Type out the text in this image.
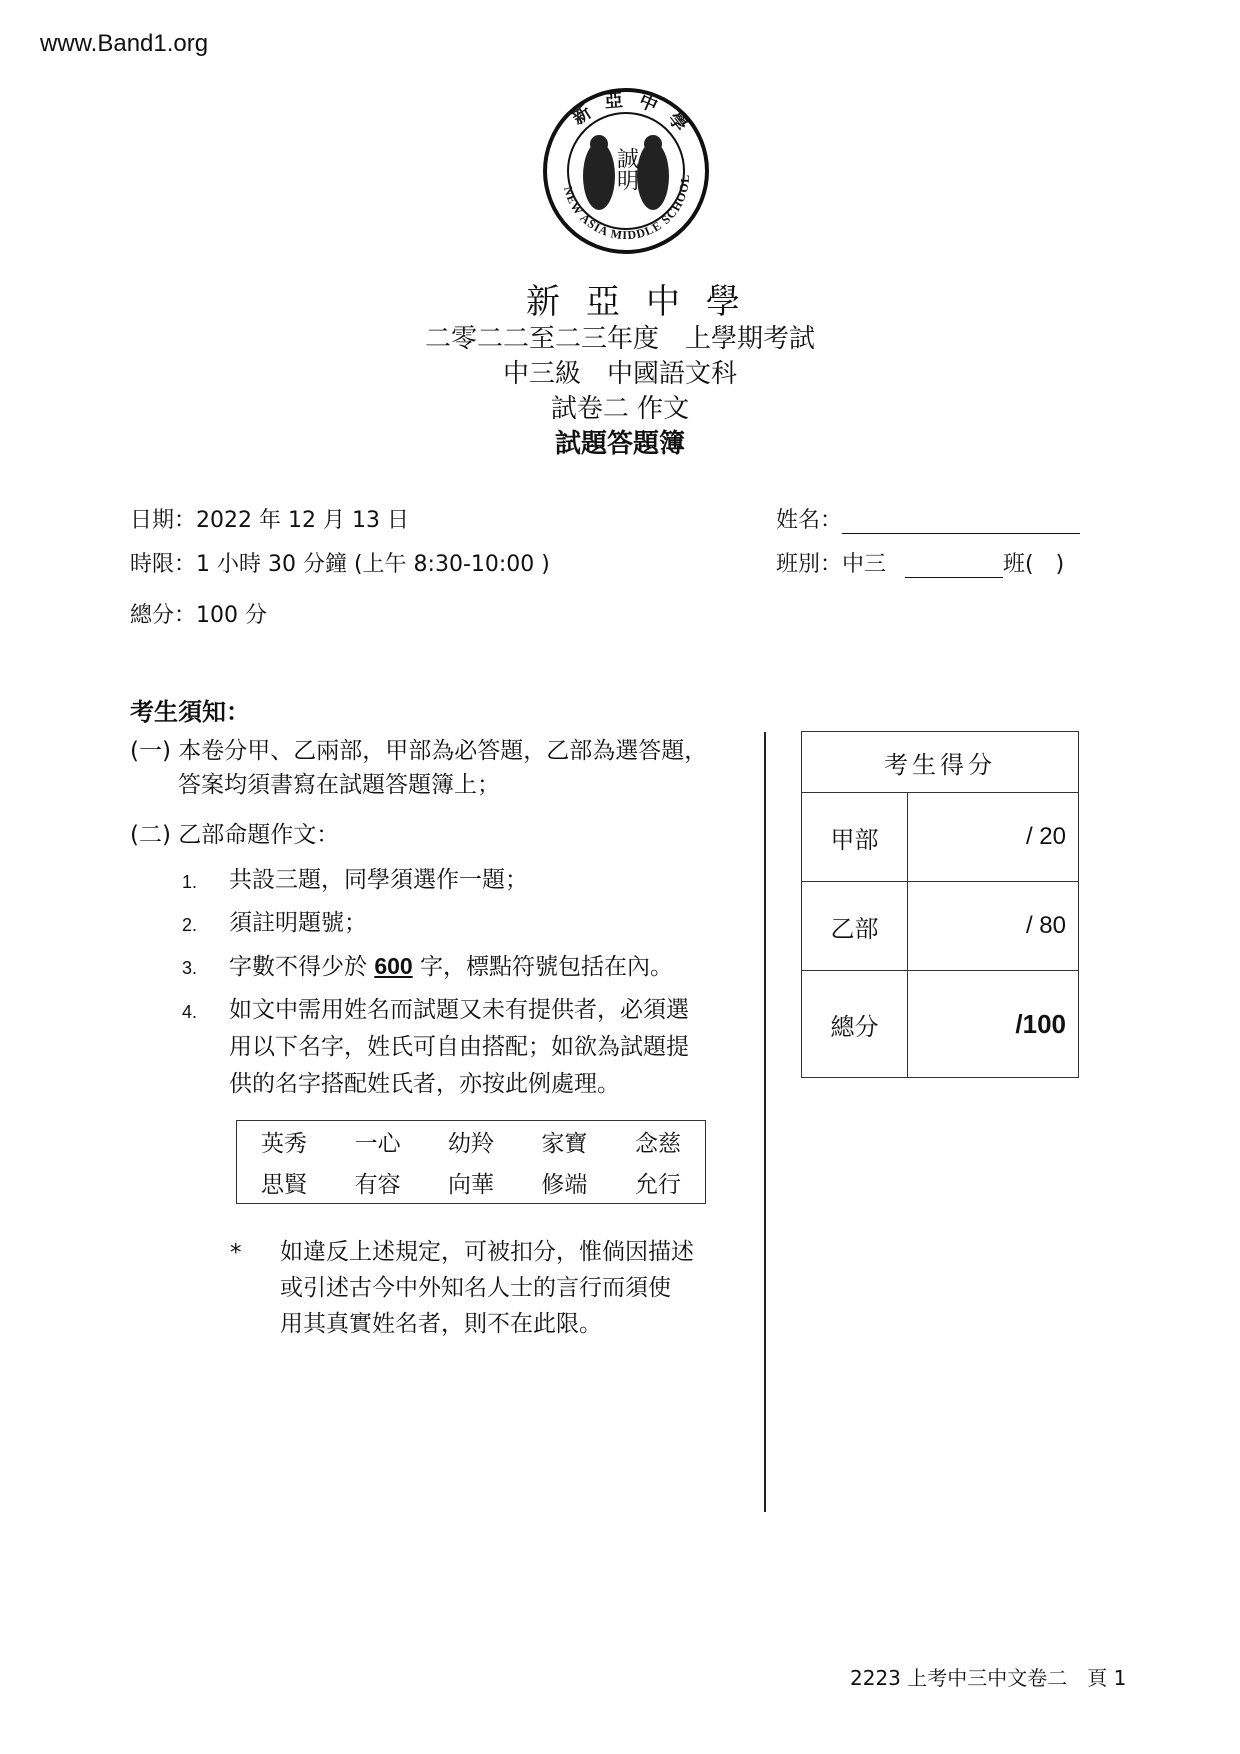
www.Band1.org
新亞中學
NEW ASIA MIDDLE SCHOOL
誠明
新亞中學
二零二二至二三年度　上學期考試
中三級　中國語文科
試卷二 作文
試題答題簿
日期：2022 年 12 月 13 日
時限：1 小時 30 分鐘 (上午 8:30-10:00 )
總分：100 分
姓名：
班別：中三	班(　)
考生須知：
(一) 本卷分甲、乙兩部，甲部為必答題，乙部為選答題，
答案均須書寫在試題答題簿上；
(二) 乙部命題作文：
1. 共設三題，同學須選作一題；
2. 須註明題號；
3. 字數不得少於 600 字，標點符號包括在內。
4. 如文中需用姓名而試題又未有提供者，必須選
用以下名字，姓氏可自由搭配；如欲為試題提
供的名字搭配姓氏者，亦按此例處理。
英秀	一心	幼羚	家寶	念慈
思賢	有容	向華	修端	允行
* 如違反上述規定，可被扣分，惟倘因描述
或引述古今中外知名人士的言行而須使
用其真實姓名者，則不在此限。
考生得分	
甲部	/ 20
乙部	/ 80
總分	/100
2223 上考中三中文卷二　頁 1
